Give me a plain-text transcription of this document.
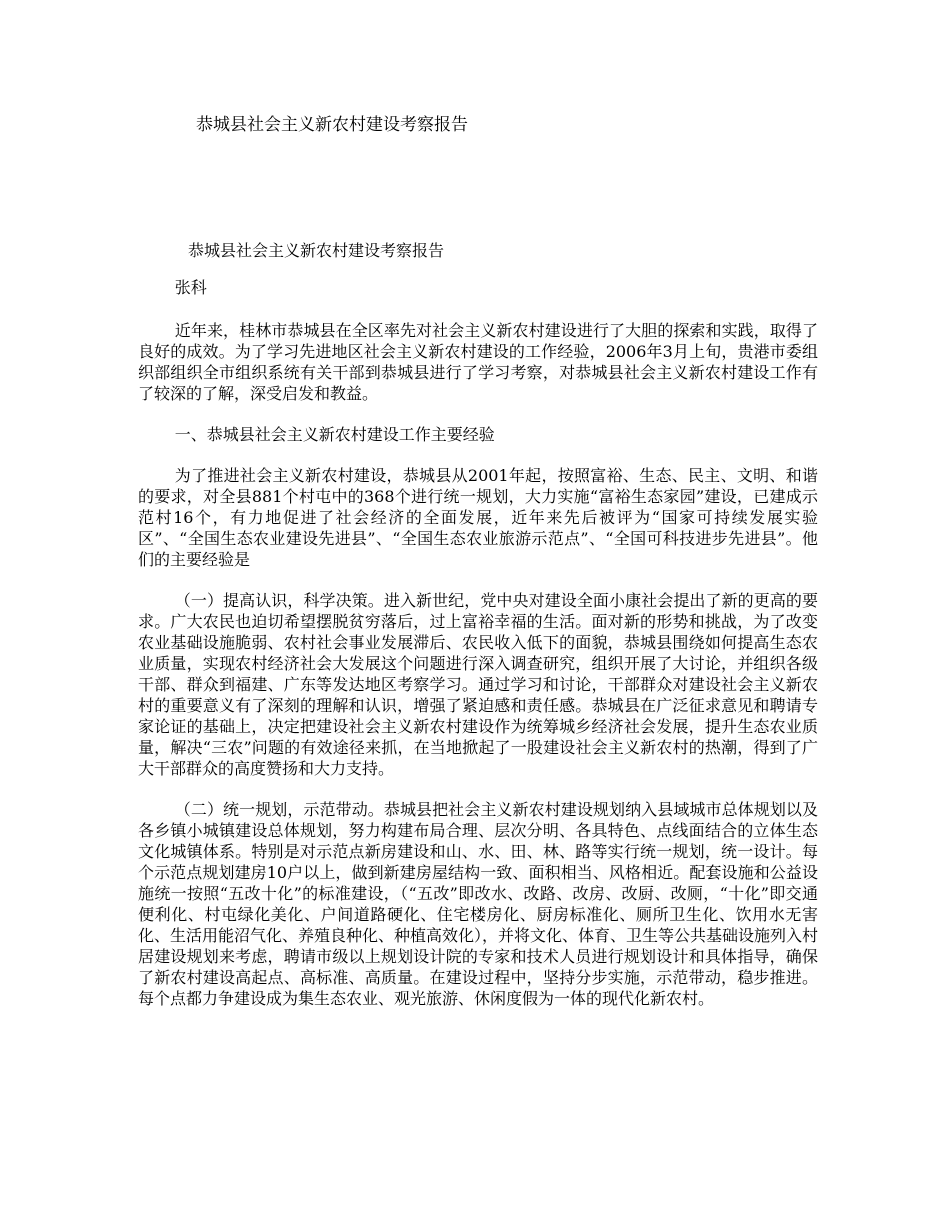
恭城县社会主义新农村建设考察报告

恭城县社会主义新农村建设考察报告

张科

近年来，桂林市恭城县在全区率先对社会主义新农村建设进行了大胆的探索和实践，取得了良好的成效。为了学习先进地区社会主义新农村建设的工作经验，2006年3月上旬，贵港市委组织部组织全市组织系统有关干部到恭城县进行了学习考察，对恭城县社会主义新农村建设工作有了较深的了解，深受启发和教益。

一、恭城县社会主义新农村建设工作主要经验

为了推进社会主义新农村建设，恭城县从2001年起，按照富裕、生态、民主、文明、和谐的要求，对全县881个村屯中的368个进行统一规划，大力实施“富裕生态家园”建设，已建成示范村16个，有力地促进了社会经济的全面发展，近年来先后被评为“国家可持续发展实验区”、“全国生态农业建设先进县”、“全国生态农业旅游示范点”、“全国可科技进步先进县”。他们的主要经验是

（一）提高认识，科学决策。进入新世纪，党中央对建设全面小康社会提出了新的更高的要求。广大农民也迫切希望摆脱贫穷落后，过上富裕幸福的生活。面对新的形势和挑战，为了改变农业基础设施脆弱、农村社会事业发展滞后、农民收入低下的面貌，恭城县围绕如何提高生态农业质量，实现农村经济社会大发展这个问题进行深入调查研究，组织开展了大讨论，并组织各级干部、群众到福建、广东等发达地区考察学习。通过学习和讨论，干部群众对建设社会主义新农村的重要意义有了深刻的理解和认识，增强了紧迫感和责任感。恭城县在广泛征求意见和聘请专家论证的基础上，决定把建设社会主义新农村建设作为统筹城乡经济社会发展，提升生态农业质量，解决“三农”问题的有效途径来抓，在当地掀起了一股建设社会主义新农村的热潮，得到了广大干部群众的高度赞扬和大力支持。

（二）统一规划，示范带动。恭城县把社会主义新农村建设规划纳入县域城市总体规划以及各乡镇小城镇建设总体规划，努力构建布局合理、层次分明、各具特色、点线面结合的立体生态文化城镇体系。特别是对示范点新房建设和山、水、田、林、路等实行统一规划，统一设计。每个示范点规划建房10户以上，做到新建房屋结构一致、面积相当、风格相近。配套设施和公益设施统一按照“五改十化”的标准建设，（“五改”即改水、改路、改房、改厨、改厕，“十化”即交通便利化、村屯绿化美化、户间道路硬化、住宅楼房化、厨房标准化、厕所卫生化、饮用水无害化、生活用能沼气化、养殖良种化、种植高效化），并将文化、体育、卫生等公共基础设施列入村居建设规划来考虑，聘请市级以上规划设计院的专家和技术人员进行规划设计和具体指导，确保了新农村建设高起点、高标准、高质量。在建设过程中，坚持分步实施，示范带动，稳步推进。每个点都力争建设成为集生态农业、观光旅游、休闲度假为一体的现代化新农村。
